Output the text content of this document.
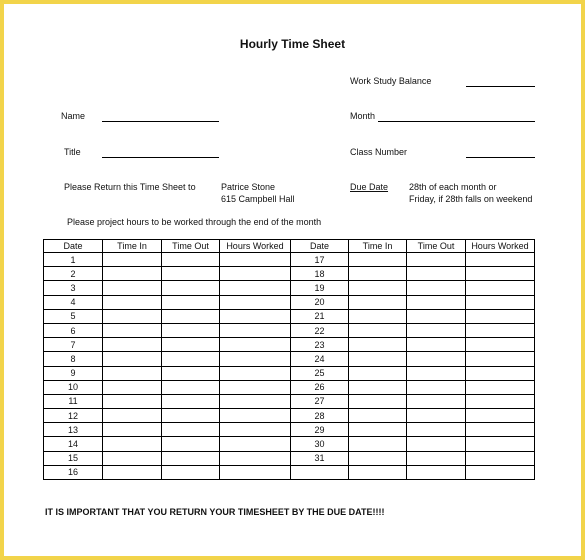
Hourly Time Sheet
Work Study Balance
Name	Month
Title	Class Number
Please Return this Time Sheet to	Patrice Stone
615 Campbell Hall
Due Date 28th of each month or
Friday, if 28th falls on weekend
Please project hours to be worked through the end of the month
Date	Time In	Time Out	Hours Worked	Date	Time In	Time Out	Hours Worked
1				17			
2				18			
3				19			
4				20			
5				21			
6				22			
7				23			
8				24			
9				25			
10				26			
11				27			
12				28			
13				29			
14				30			
15				31			
16							
IT IS IMPORTANT THAT YOU RETURN YOUR TIMESHEET BY THE DUE DATE!!!!
